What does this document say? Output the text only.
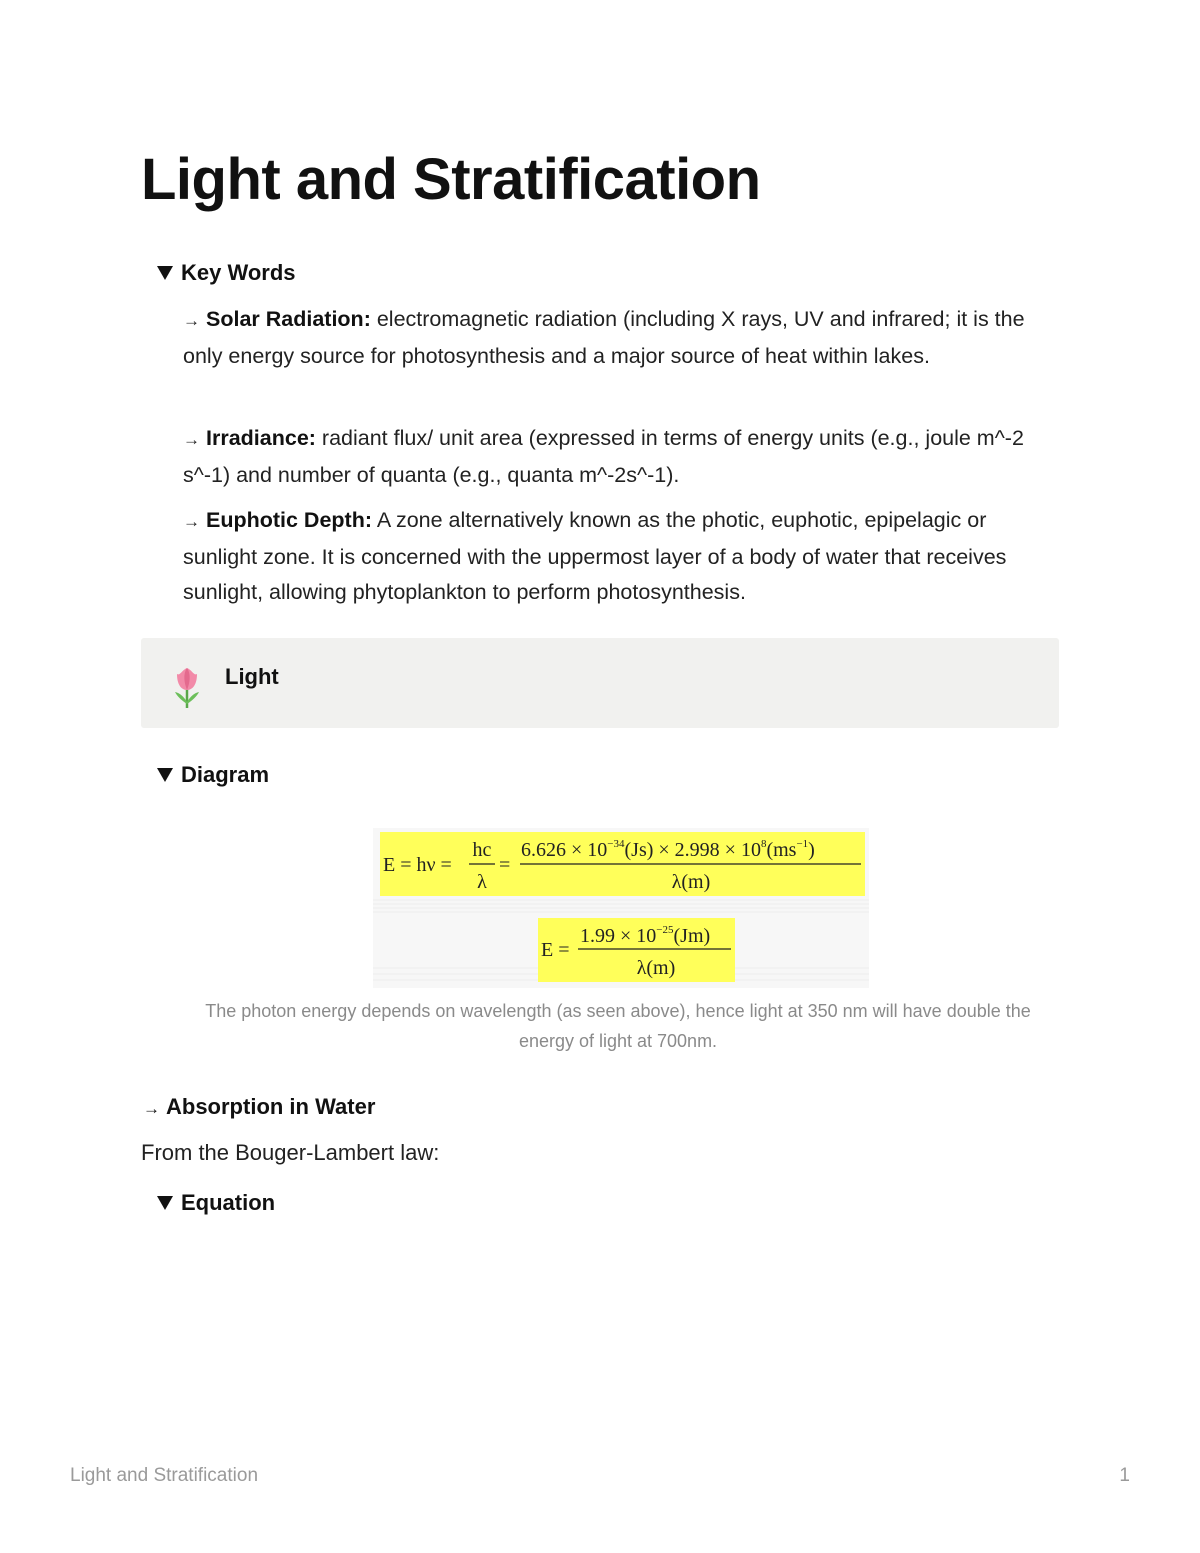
Light and Stratification
Key Words
→ Solar Radiation: electromagnetic radiation (including X rays, UV and infrared; it is the only energy source for photosynthesis and a major source of heat within lakes.
→ Irradiance: radiant flux/ unit area (expressed in terms of energy units (e.g., joule m^-2 s^-1) and number of quanta (e.g., quanta m^-2s^-1).
→ Euphotic Depth: A zone alternatively known as the photic, euphotic, epipelagic or sunlight zone. It is concerned with the uppermost layer of a body of water that receives sunlight, allowing phytoplankton to perform photosynthesis.
Light
Diagram
E = hν =
hc
λ
=
$6.626 \times 10^{-34}(Js) \times 2.998 \times 10^8(ms^{-1})$
λ(m)
E =
$1.99 \times 10^{-25}(Jm)$
λ(m)
The photon energy depends on wavelength (as seen above), hence light at 350 nm will have double the energy of light at 700nm.
→ Absorption in Water
From the Bouger-Lambert law:
Equation
Light and Stratification	1
